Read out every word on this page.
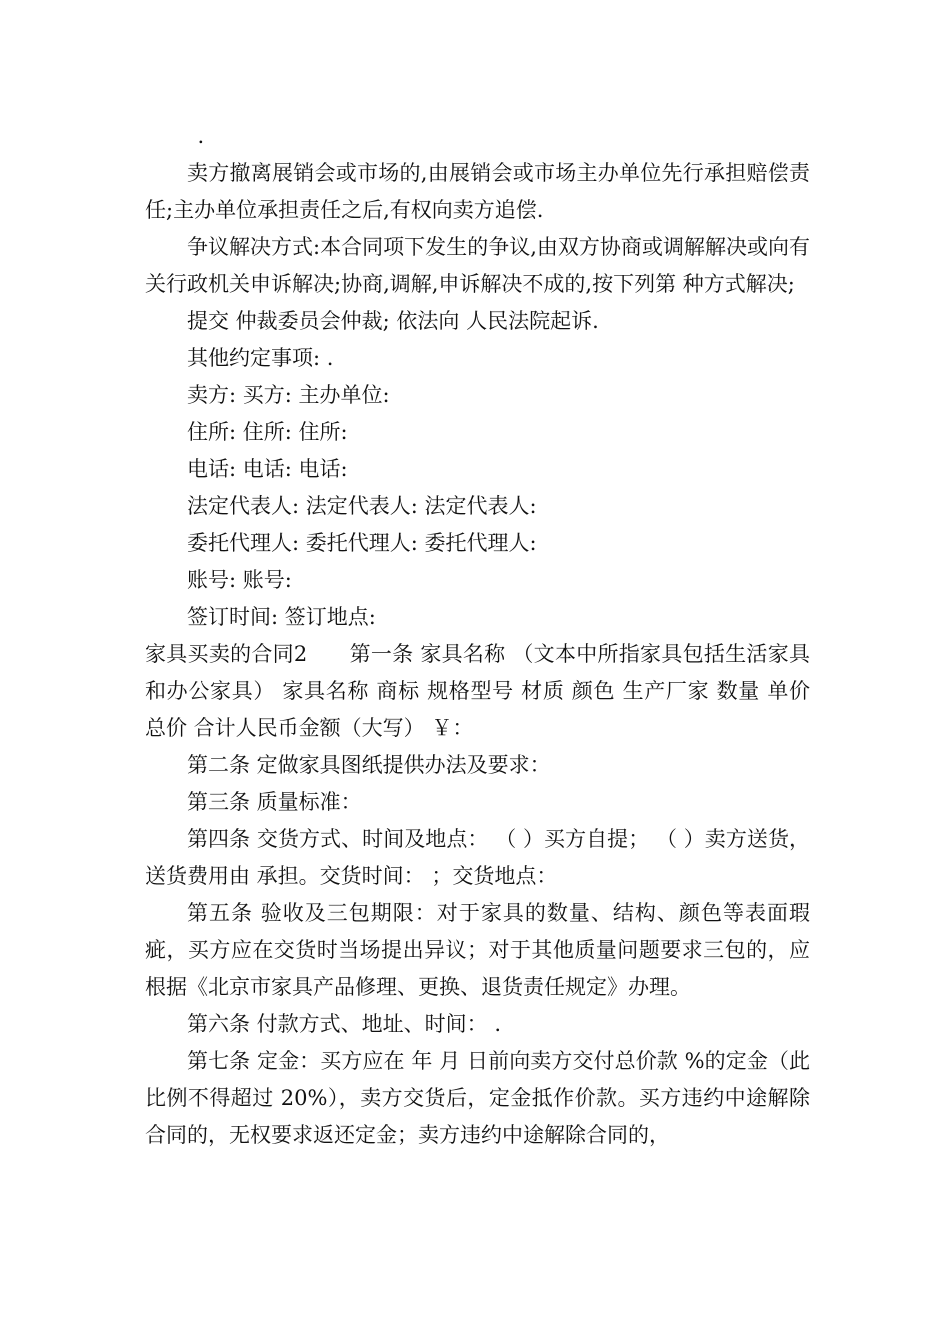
.

卖方撤离展销会或市场的,由展销会或市场主办单位先行承担赔偿责任;主办单位承担责任之后,有权向卖方追偿.

争议解决方式:本合同项下发生的争议,由双方协商或调解解决或向有关行政机关申诉解决;协商,调解,申诉解决不成的,按下列第 种方式解决;

提交 仲裁委员会仲裁; 依法向 人民法院起诉.

其他约定事项: .

卖方: 买方: 主办单位:

住所: 住所: 住所:

电话: 电话: 电话:

法定代表人: 法定代表人: 法定代表人:

委托代理人: 委托代理人: 委托代理人:

账号: 账号:

签订时间: 签订地点:

家具买卖的合同2 第一条 家具名称 （文本中所指家具包括生活家具和办公家具） 家具名称 商标 规格型号 材质 颜色 生产厂家 数量 单价 总价 合计人民币金额（大写） ￥：

第二条 定做家具图纸提供办法及要求：

第三条 质量标准：

第四条 交货方式、时间及地点： （ ）买方自提； （ ）卖方送货，送货费用由 承担。交货时间： ；交货地点：

第五条 验收及三包期限：对于家具的数量、结构、颜色等表面瑕疵，买方应在交货时当场提出异议；对于其他质量问题要求三包的，应根据《北京市家具产品修理、更换、退货责任规定》办理。

第六条 付款方式、地址、时间： .

第七条 定金：买方应在 年 月 日前向卖方交付总价款 %的定金（此比例不得超过 20%），卖方交货后，定金抵作价款。买方违约中途解除合同的，无权要求返还定金；卖方违约中途解除合同的，
